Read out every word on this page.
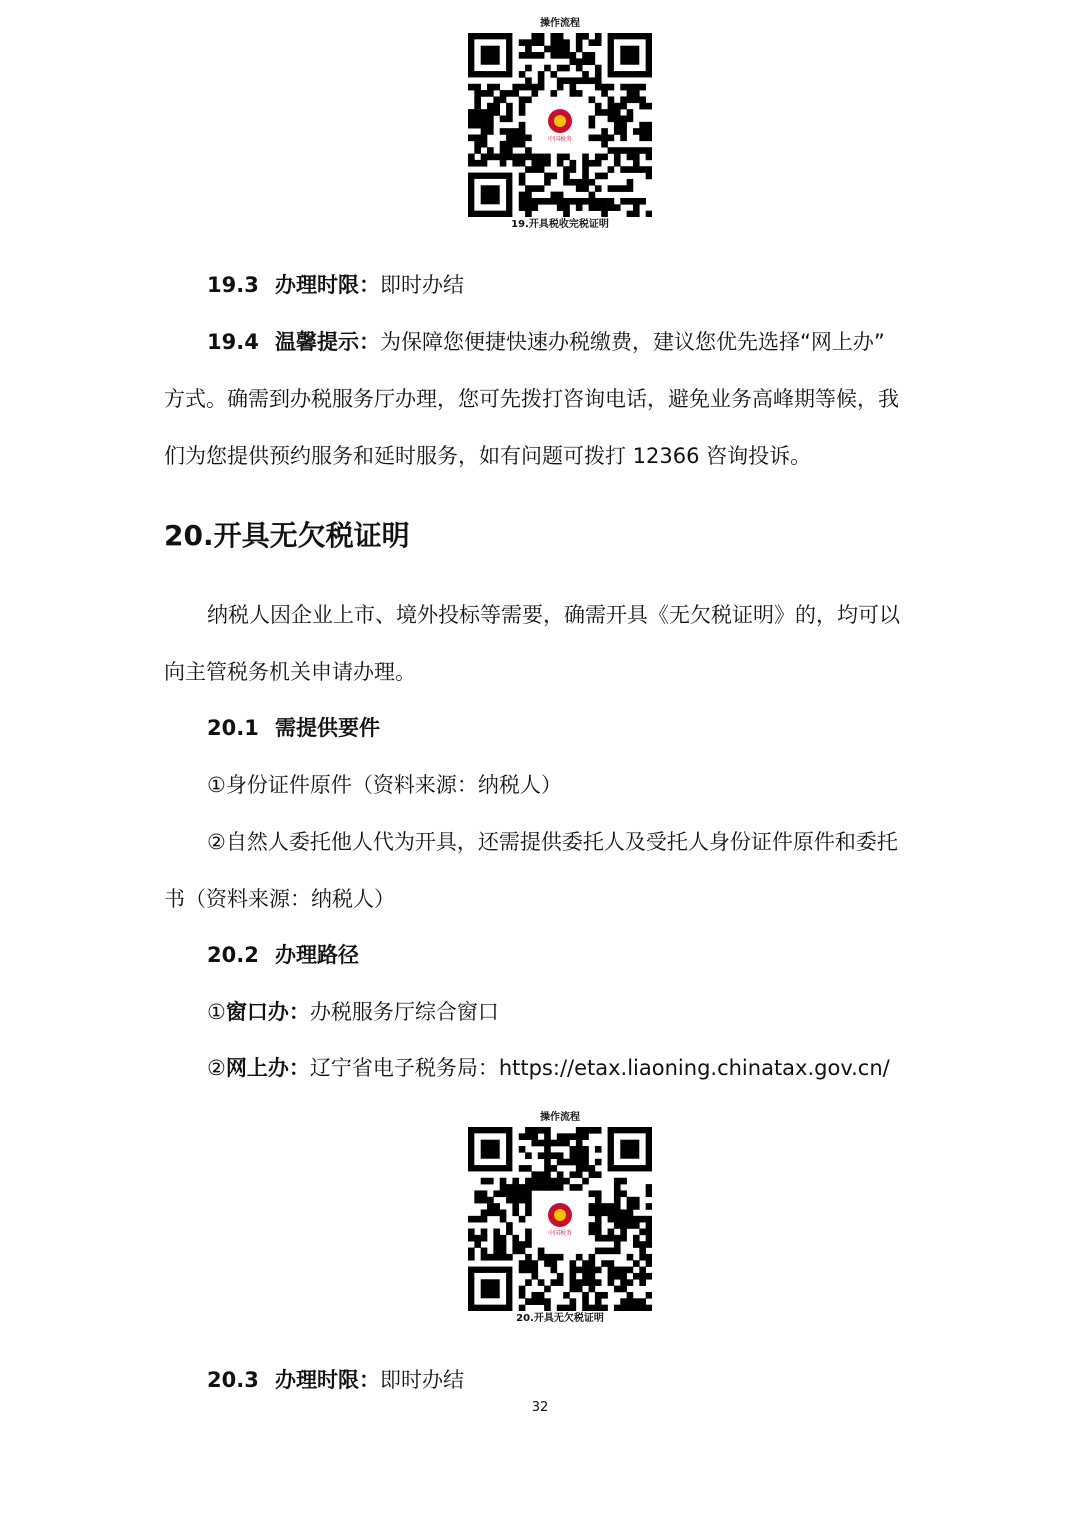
操作流程
中国税务
19.开具税收完税证明
19.3 办理时限：即时办结
19.4 温馨提示：为保障您便捷快速办税缴费，建议您优先选择“网上办”
方式。确需到办税服务厅办理，您可先拨打咨询电话，避免业务高峰期等候，我
们为您提供预约服务和延时服务，如有问题可拨打 12366 咨询投诉。
20.开具无欠税证明
纳税人因企业上市、境外投标等需要，确需开具《无欠税证明》的，均可以
向主管税务机关申请办理。
20.1 需提供要件
①身份证件原件（资料来源：纳税人）
②自然人委托他人代为开具，还需提供委托人及受托人身份证件原件和委托
书（资料来源：纳税人）
20.2 办理路径
①窗口办：办税服务厅综合窗口
②网上办：辽宁省电子税务局：https://etax.liaoning.chinatax.gov.cn/
操作流程
中国税务
20.开具无欠税证明
20.3 办理时限：即时办结
32
